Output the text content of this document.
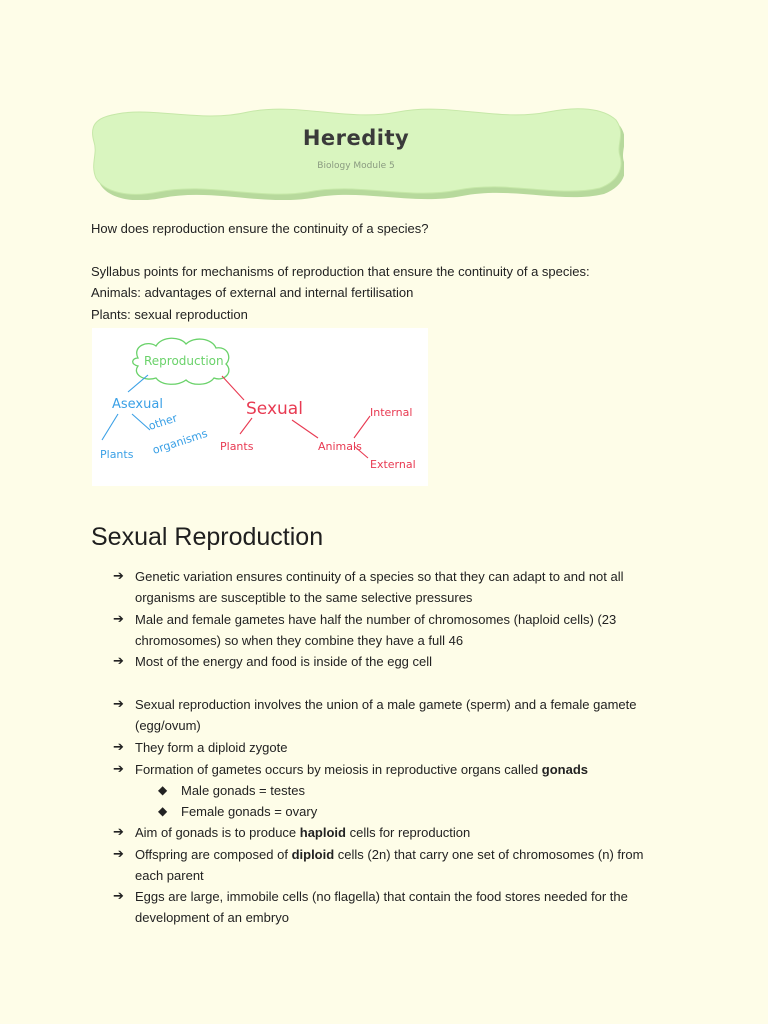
Heredity
Biology Module 5
How does reproduction ensure the continuity of a species?
Syllabus points for mechanisms of reproduction that ensure the continuity of a species:
Animals: advantages of external and internal fertilisation
Plants: sexual reproduction
Reproduction
Asexual
other
organisms
Plants
Sexual
Plants	Animals
Internal
External
Sexual Reproduction
➔ Genetic variation ensures continuity of a species so that they can adapt to and not all organisms are susceptible to the same selective pressures
➔ Male and female gametes have half the number of chromosomes (haploid cells) (23 chromosomes) so when they combine they have a full 46
➔ Most of the energy and food is inside of the egg cell
➔ Sexual reproduction involves the union of a male gamete (sperm) and a female gamete (egg/ovum)
➔ They form a diploid zygote
➔ Formation of gametes occurs by meiosis in reproductive organs called gonads
◆	Male gonads = testes
◆	Female gonads = ovary
➔ Aim of gonads is to produce haploid cells for reproduction
➔ Offspring are composed of diploid cells (2n) that carry one set of chromosomes (n) from each parent
➔ Eggs are large, immobile cells (no flagella) that contain the food stores needed for the development of an embryo
